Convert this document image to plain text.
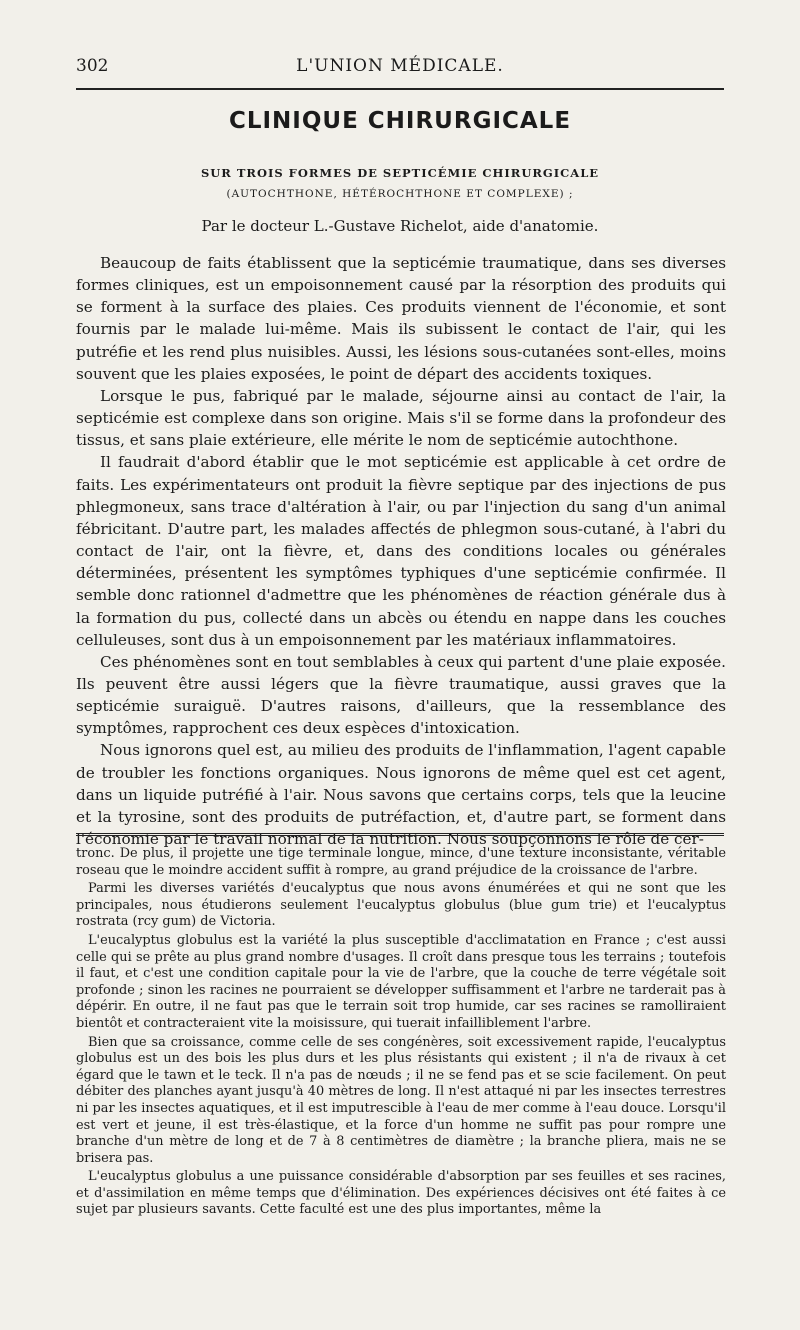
302	L'UNION MÉDICALE.
CLINIQUE CHIRURGICALE
SUR TROIS FORMES DE SEPTICÉMIE CHIRURGICALE
(AUTOCHTHONE, HÉTÉROCHTHONE ET COMPLEXE) ;
Par le docteur L.-Gustave Richelot, aide d'anatomie.

Beaucoup de faits établissent que la septicémie traumatique, dans ses diverses formes cliniques, est un empoisonnement causé par la résorption des produits qui se forment à la surface des plaies. Ces produits viennent de l'économie, et sont fournis par le malade lui-même. Mais ils subissent le contact de l'air, qui les putréfie et les rend plus nuisibles. Aussi, les lésions sous-cutanées sont-elles, moins souvent que les plaies exposées, le point de départ des accidents toxiques.

Lorsque le pus, fabriqué par le malade, séjourne ainsi au contact de l'air, la septicémie est complexe dans son origine. Mais s'il se forme dans la profondeur des tissus, et sans plaie extérieure, elle mérite le nom de septicémie autochthone.

Il faudrait d'abord établir que le mot septicémie est applicable à cet ordre de faits. Les expérimentateurs ont produit la fièvre septique par des injections de pus phlegmoneux, sans trace d'altération à l'air, ou par l'injection du sang d'un animal fébricitant. D'autre part, les malades affectés de phlegmon sous-cutané, à l'abri du contact de l'air, ont la fièvre, et, dans des conditions locales ou générales déterminées, présentent les symptômes typhiques d'une septicémie confirmée. Il semble donc rationnel d'admettre que les phénomènes de réaction générale dus à la formation du pus, collecté dans un abcès ou étendu en nappe dans les couches celluleuses, sont dus à un empoisonnement par les matériaux inflammatoires.

Ces phénomènes sont en tout semblables à ceux qui partent d'une plaie exposée. Ils peuvent être aussi légers que la fièvre traumatique, aussi graves que la septicémie suraiguë. D'autres raisons, d'ailleurs, que la ressemblance des symptômes, rapprochent ces deux espèces d'intoxication.

Nous ignorons quel est, au milieu des produits de l'inflammation, l'agent capable de troubler les fonctions organiques. Nous ignorons de même quel est cet agent, dans un liquide putréfié à l'air. Nous savons que certains corps, tels que la leucine et la tyrosine, sont des produits de putréfaction, et, d'autre part, se forment dans l'économie par le travail normal de la nutrition. Nous soupçonnons le rôle de cer-

tronc. De plus, il projette une tige terminale longue, mince, d'une texture inconsistante, véritable roseau que le moindre accident suffit à rompre, au grand préjudice de la croissance de l'arbre.

Parmi les diverses variétés d'eucalyptus que nous avons énumérées et qui ne sont que les principales, nous étudierons seulement l'eucalyptus globulus (blue gum trie) et l'eucalyptus rostrata (rcy gum) de Victoria.

L'eucalyptus globulus est la variété la plus susceptible d'acclimatation en France ; c'est aussi celle qui se prête au plus grand nombre d'usages. Il croît dans presque tous les terrains ; toutefois il faut, et c'est une condition capitale pour la vie de l'arbre, que la couche de terre végétale soit profonde ; sinon les racines ne pourraient se développer suffisamment et l'arbre ne tarderait pas à dépérir. En outre, il ne faut pas que le terrain soit trop humide, car ses racines se ramolliraient bientôt et contracteraient vite la moisissure, qui tuerait infailliblement l'arbre.

Bien que sa croissance, comme celle de ses congénères, soit excessivement rapide, l'eucalyptus globulus est un des bois les plus durs et les plus résistants qui existent ; il n'a de rivaux à cet égard que le tawn et le teck. Il n'a pas de nœuds ; il ne se fend pas et se scie facilement. On peut débiter des planches ayant jusqu'à 40 mètres de long. Il n'est attaqué ni par les insectes terrestres ni par les insectes aquatiques, et il est imputrescible à l'eau de mer comme à l'eau douce. Lorsqu'il est vert et jeune, il est très-élastique, et la force d'un homme ne suffit pas pour rompre une branche d'un mètre de long et de 7 à 8 centimètres de diamètre ; la branche pliera, mais ne se brisera pas.

L'eucalyptus globulus a une puissance considérable d'absorption par ses feuilles et ses racines, et d'assimilation en même temps que d'élimination. Des expériences décisives ont été faites à ce sujet par plusieurs savants. Cette faculté est une des plus importantes, même la
